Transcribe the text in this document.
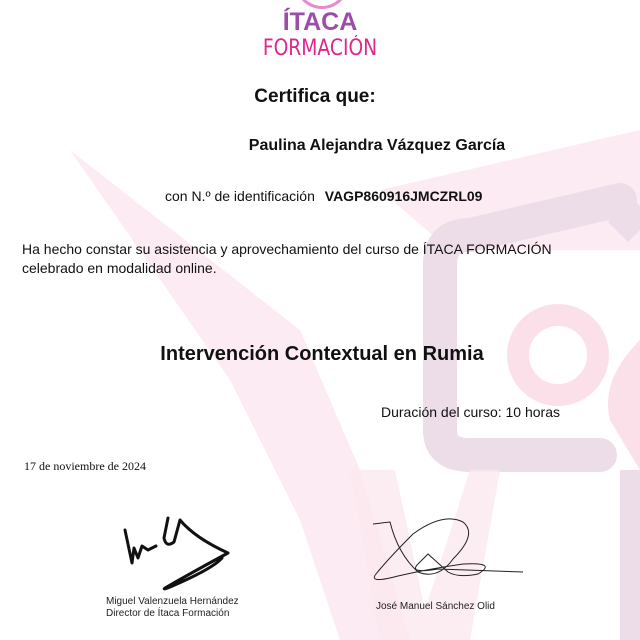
ÍTACA
FORMACIÓN
Certifica que:
Paulina Alejandra Vázquez García
con N.º de identificación VAGP860916JMCZRL09
Ha hecho constar su asistencia y aprovechamiento del curso de ÍTACA FORMACIÓN
celebrado en modalidad online.
Intervención Contextual en Rumia
Duración del curso: 10 horas
17 de noviembre de 2024
Miguel Valenzuela Hernández
Director de Ítaca Formación
José Manuel Sánchez Olid
